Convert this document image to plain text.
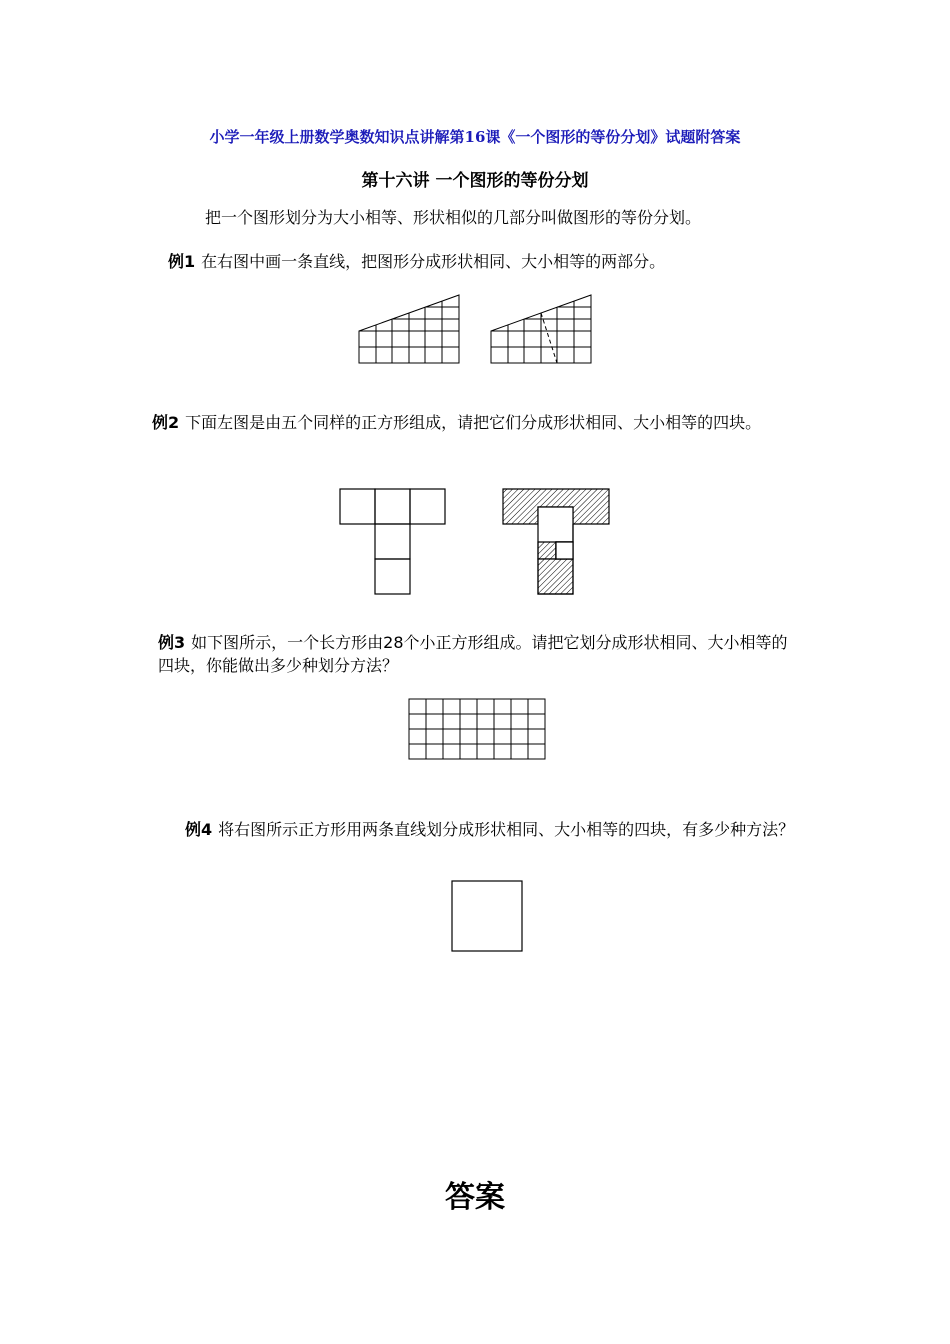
小学一年级上册数学奥数知识点讲解第16课《一个图形的等份分划》试题附答案
第十六讲 一个图形的等份分划
把一个图形划分为大小相等、形状相似的几部分叫做图形的等份分划。
例1 在右图中画一条直线，把图形分成形状相同、大小相等的两部分。
例2 下面左图是由五个同样的正方形组成，请把它们分成形状相同、大小相等的四块。
例3 如下图所示，一个长方形由28个小正方形组成。请把它划分成形状相同、大小相等的四块，你能做出多少种划分方法？
例4 将右图所示正方形用两条直线划分成形状相同、大小相等的四块，有多少种方法？
答案
